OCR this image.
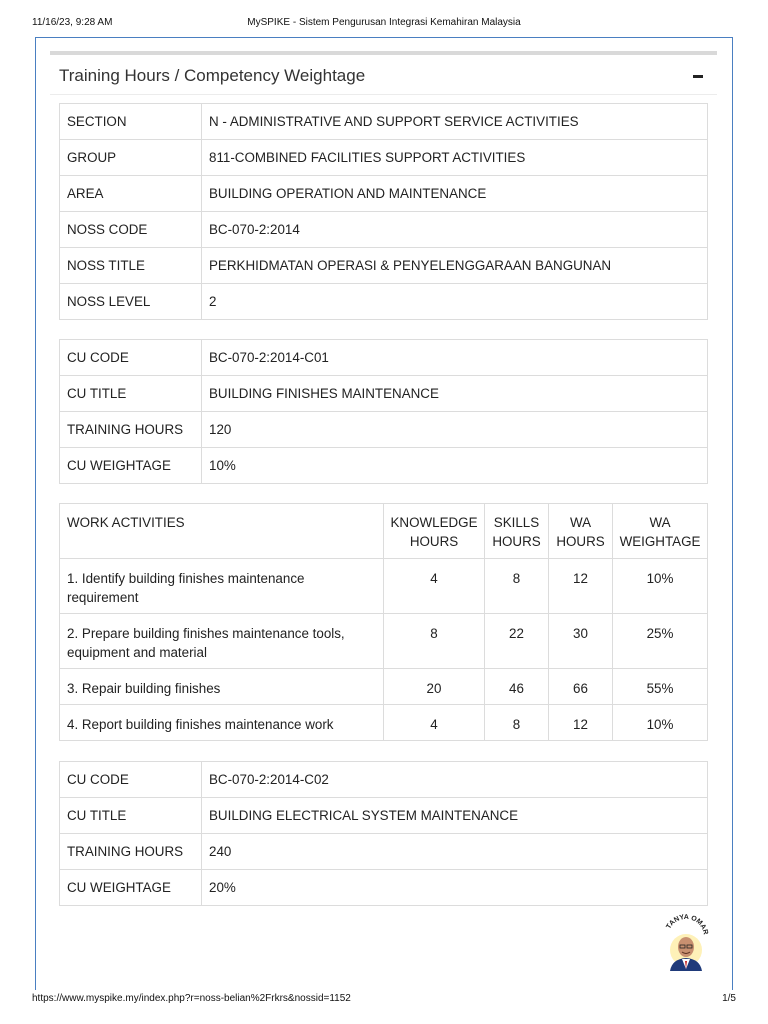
11/16/23, 9:28 AM	MySPIKE - Sistem Pengurusan Integrasi Kemahiran Malaysia
Training Hours / Competency Weightage
SECTION	N - ADMINISTRATIVE AND SUPPORT SERVICE ACTIVITIES
GROUP	811-COMBINED FACILITIES SUPPORT ACTIVITIES
AREA	BUILDING OPERATION AND MAINTENANCE
NOSS CODE	BC-070-2:2014
NOSS TITLE	PERKHIDMATAN OPERASI & PENYELENGGARAAN BANGUNAN
NOSS LEVEL	2
CU CODE	BC-070-2:2014-C01
CU TITLE	BUILDING FINISHES MAINTENANCE
TRAINING HOURS	120
CU WEIGHTAGE	10%
WORK ACTIVITIES	KNOWLEDGE HOURS	SKILLS HOURS	WA HOURS	WA WEIGHTAGE
1. Identify building finishes maintenance requirement	4	8	12	10%
2. Prepare building finishes maintenance tools, equipment and material	8	22	30	25%
3. Repair building finishes	20	46	66	55%
4. Report building finishes maintenance work	4	8	12	10%
CU CODE	BC-070-2:2014-C02
CU TITLE	BUILDING ELECTRICAL SYSTEM MAINTENANCE
TRAINING HOURS	240
CU WEIGHTAGE	20%
TANYA OMAR
https://www.myspike.my/index.php?r=noss-belian%2Frkrs&nossid=1152	1/5
